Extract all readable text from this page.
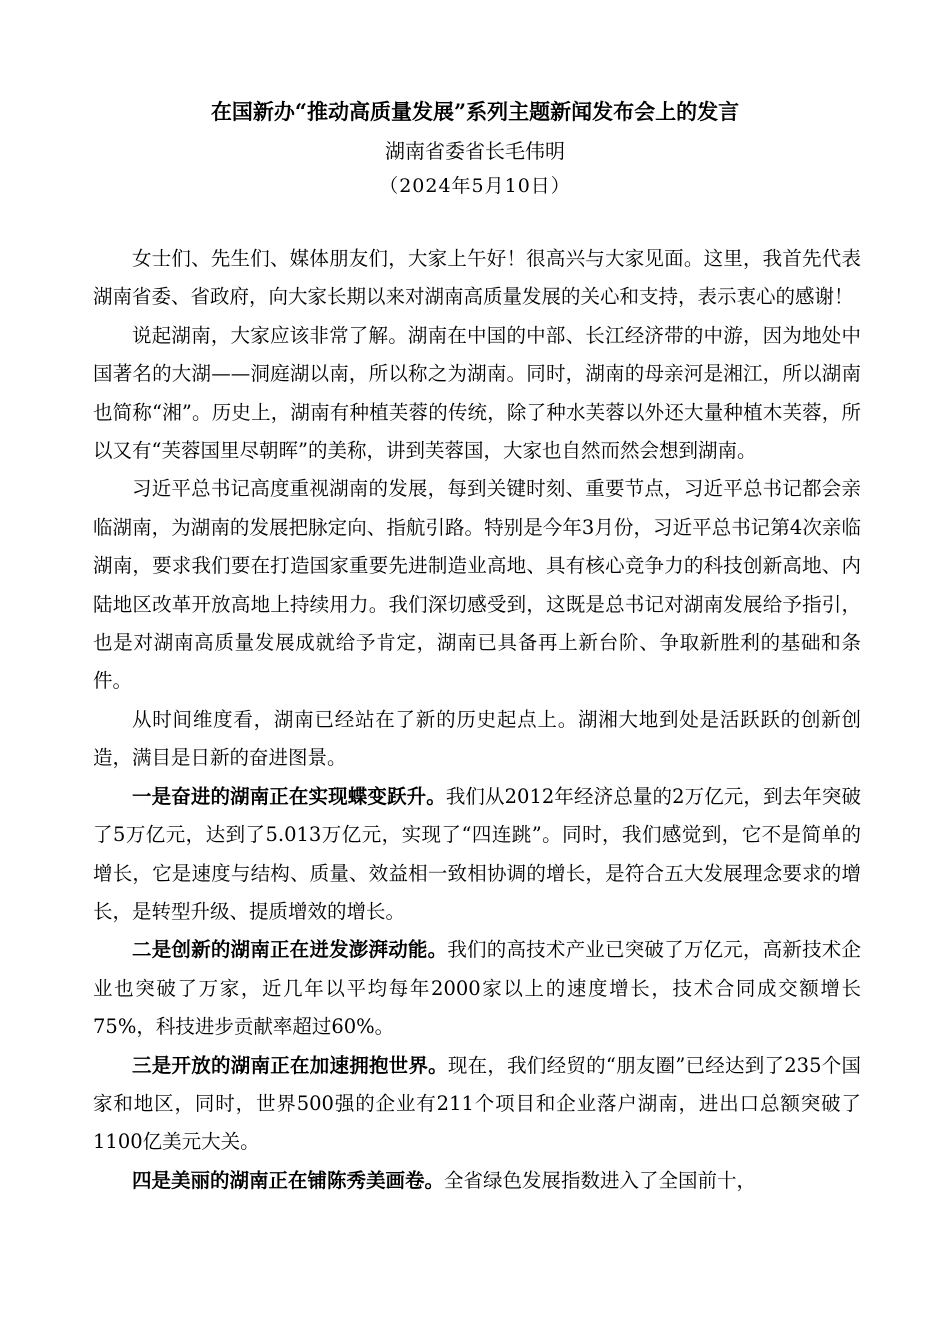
在国新办“推动高质量发展”系列主题新闻发布会上的发言
湖南省委省长毛伟明
（2024年5月10日）

女士们、先生们、媒体朋友们，大家上午好！很高兴与大家见面。这里，我首先代表湖南省委、省政府，向大家长期以来对湖南高质量发展的关心和支持，表示衷心的感谢！

说起湖南，大家应该非常了解。湖南在中国的中部、长江经济带的中游，因为地处中国著名的大湖——洞庭湖以南，所以称之为湖南。同时，湖南的母亲河是湘江，所以湖南也简称“湘”。历史上，湖南有种植芙蓉的传统，除了种水芙蓉以外还大量种植木芙蓉，所以又有“芙蓉国里尽朝晖”的美称，讲到芙蓉国，大家也自然而然会想到湖南。

习近平总书记高度重视湖南的发展，每到关键时刻、重要节点，习近平总书记都会亲临湖南，为湖南的发展把脉定向、指航引路。特别是今年3月份，习近平总书记第4次亲临湖南，要求我们要在打造国家重要先进制造业高地、具有核心竞争力的科技创新高地、内陆地区改革开放高地上持续用力。我们深切感受到，这既是总书记对湖南发展给予指引，也是对湖南高质量发展成就给予肯定，湖南已具备再上新台阶、争取新胜利的基础和条件。

从时间维度看，湖南已经站在了新的历史起点上。湖湘大地到处是活跃跃的创新创造，满目是日新的奋进图景。

一是奋进的湖南正在实现蝶变跃升。我们从2012年经济总量的2万亿元，到去年突破了5万亿元，达到了5.013万亿元，实现了“四连跳”。同时，我们感觉到，它不是简单的增长，它是速度与结构、质量、效益相一致相协调的增长，是符合五大发展理念要求的增长，是转型升级、提质增效的增长。

二是创新的湖南正在迸发澎湃动能。我们的高技术产业已突破了万亿元，高新技术企业也突破了万家，近几年以平均每年2000家以上的速度增长，技术合同成交额增长75%，科技进步贡献率超过60%。

三是开放的湖南正在加速拥抱世界。现在，我们经贸的“朋友圈”已经达到了235个国家和地区，同时，世界500强的企业有211个项目和企业落户湖南，进出口总额突破了1100亿美元大关。

四是美丽的湖南正在铺陈秀美画卷。全省绿色发展指数进入了全国前十，
